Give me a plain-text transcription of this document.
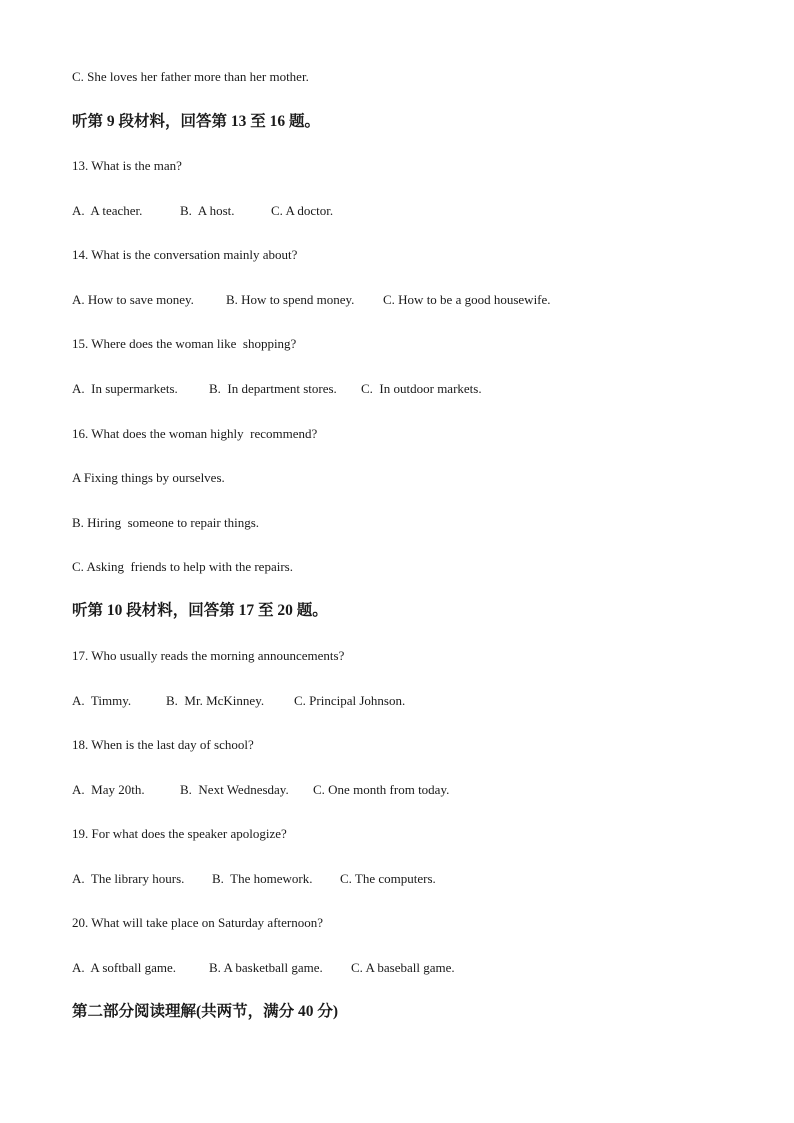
C. She loves her father more than her mother.
听第 9 段材料，回答第 13 至 16 题。
13. What is the man?
A.  A teacher.	B.  A host.	C. A doctor.
14. What is the conversation mainly about?
A. How to save money. B. How to spend money. C. How to be a good housewife.
15. Where does the woman like  shopping?
A.  In supermarkets. B.  In department stores. C.  In outdoor markets.
16. What does the woman highly  recommend?
A Fixing things by ourselves.
B. Hiring  someone to repair things.
C. Asking  friends to help with the repairs.
听第 10 段材料，回答第 17 至 20 题。
17. Who usually reads the morning announcements?
A.  Timmy.	B.  Mr. McKinney. C. Principal Johnson.
18. When is the last day of school?
A.  May 20th.	B.  Next Wednesday. C. One month from today.
19. For what does the speaker apologize?
A.  The library hours. B.  The homework. C. The computers.
20. What will take place on Saturday afternoon?
A.  A softball game.	B. A basketball game. C. A baseball game.
第二部分阅读理解(共两节，满分 40 分)
